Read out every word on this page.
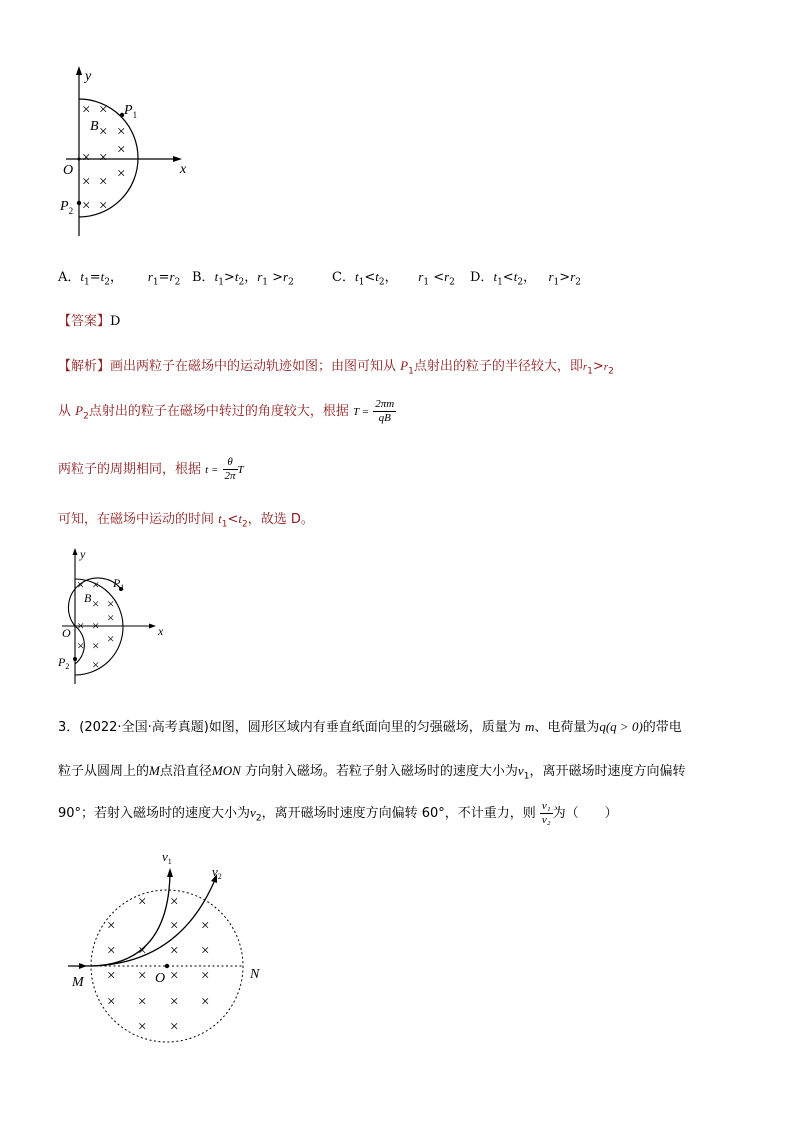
× ×
× ×
× × ×
× × ×
× ×
y
x
O
B
$P_1$
$P_2$
A．$t_1=t_2$， $r_1=r_2$ B．$t_1>t_2$，$r_1 >r_2$	C．$t_1<t_2$， $r_1 <r_2$ D．$t_1<t_2$， $r_1>r_2$
【答案】D
【解析】画出两粒子在磁场中的运动轨迹如图；由图可知从 $P_1$点射出的粒子的半径较大，即$r_1>r_2$
从 $P_2$点射出的粒子在磁场中转过的角度较大，根据 $T = \frac{2\pi m}{qB}$
两粒子的周期相同，根据 $t = \frac{\theta}{2\pi}$ T
可知，在磁场中运动的时间 $t_1<t_2$，故选 D。
× ×
× ×
× ×
×
× × ×
×
y
x
O
B
$P_1$
$P_2$
3．(2022·全国·高考真题)如图，圆形区域内有垂直纸面向里的匀强磁场，质量为 m、电荷量为q(q > 0)的带电
粒子从圆周上的M点沿直径MON 方向射入磁场。若粒子射入磁场时的速度大小为$v_1$，离开磁场时速度方向偏转
90°；若射入磁场时的速度大小为$v_2$，离开磁场时速度方向偏转 60°，不计重力，则 $\frac{\text{v₁}}{\text{v₂}}$ 为（　　）
× ×
×	× ×
× × × ×
× × × ×
× × × ×
× ×
$v_1$
$v_2$
M	O	N
